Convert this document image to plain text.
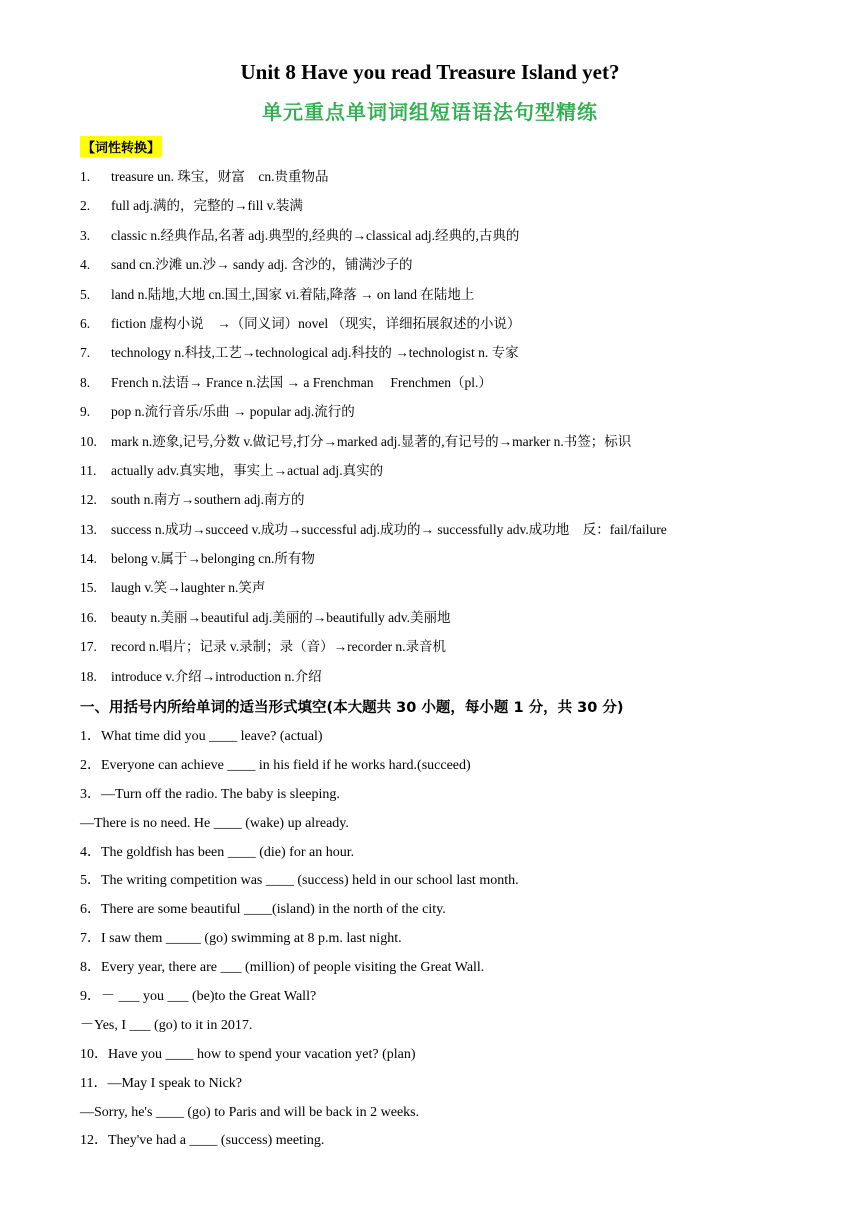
Unit 8 Have you read Treasure Island yet?
单元重点单词词组短语语法句型精练
【词性转换】
1. treasure un. 珠宝，财富　cn.贵重物品
2. full adj.满的，完整的→fill v.装满
3. classic n.经典作品,名著 adj.典型的,经典的→classical adj.经典的,古典的
4. sand cn.沙滩 un.沙→ sandy adj. 含沙的，铺满沙子的
5. land n.陆地,大地 cn.国土,国家 vi.着陆,降落 → on land 在陆地上
6. fiction 虚构小说　→（同义词）novel （现实，详细拓展叙述的小说）
7. technology n.科技,工艺→technological adj.科技的 →technologist n. 专家
8. French n.法语→ France n.法国 → a Frenchman　 Frenchmen（pl.）
9. pop n.流行音乐/乐曲 → popular adj.流行的
10. mark n.迹象,记号,分数 v.做记号,打分→marked adj.显著的,有记号的→marker n.书签；标识
11. actually adv.真实地，事实上→actual adj.真实的
12. south n.南方→southern adj.南方的
13. success n.成功→succeed v.成功→successful adj.成功的→ successfully adv.成功地　反：fail/failure
14. belong v.属于→belonging cn.所有物
15. laugh v.笑→laughter n.笑声
16. beauty n.美丽→beautiful adj.美丽的→beautifully adv.美丽地
17. record n.唱片；记录 v.录制；录（音）→recorder n.录音机
18. introduce v.介绍→introduction n.介绍
一、用括号内所给单词的适当形式填空(本大题共 30 小题，每小题 1 分，共 30 分)
1．What time did you ____ leave? (actual)
2．Everyone can achieve ____ in his field if he works hard.(succeed)
3．—Turn off the radio. The baby is sleeping.
—There is no need. He ____ (wake) up already.
4．The goldfish has been ____ (die) for an hour.
5．The writing competition was ____ (success) held in our school last month.
6．There are some beautiful ____(island) in the north of the city.
7．I saw them _____ (go) swimming at 8 p.m. last night.
8．Every year, there are ___ (million) of people visiting the Great Wall.
9．－ ___ you ___ (be)to the Great Wall?
－Yes, I ___ (go) to it in 2017.
10．Have you ____ how to spend your vacation yet? (plan)
11．—May I speak to Nick?
—Sorry, he's ____ (go) to Paris and will be back in 2 weeks.
12．They've had a ____ (success) meeting.
